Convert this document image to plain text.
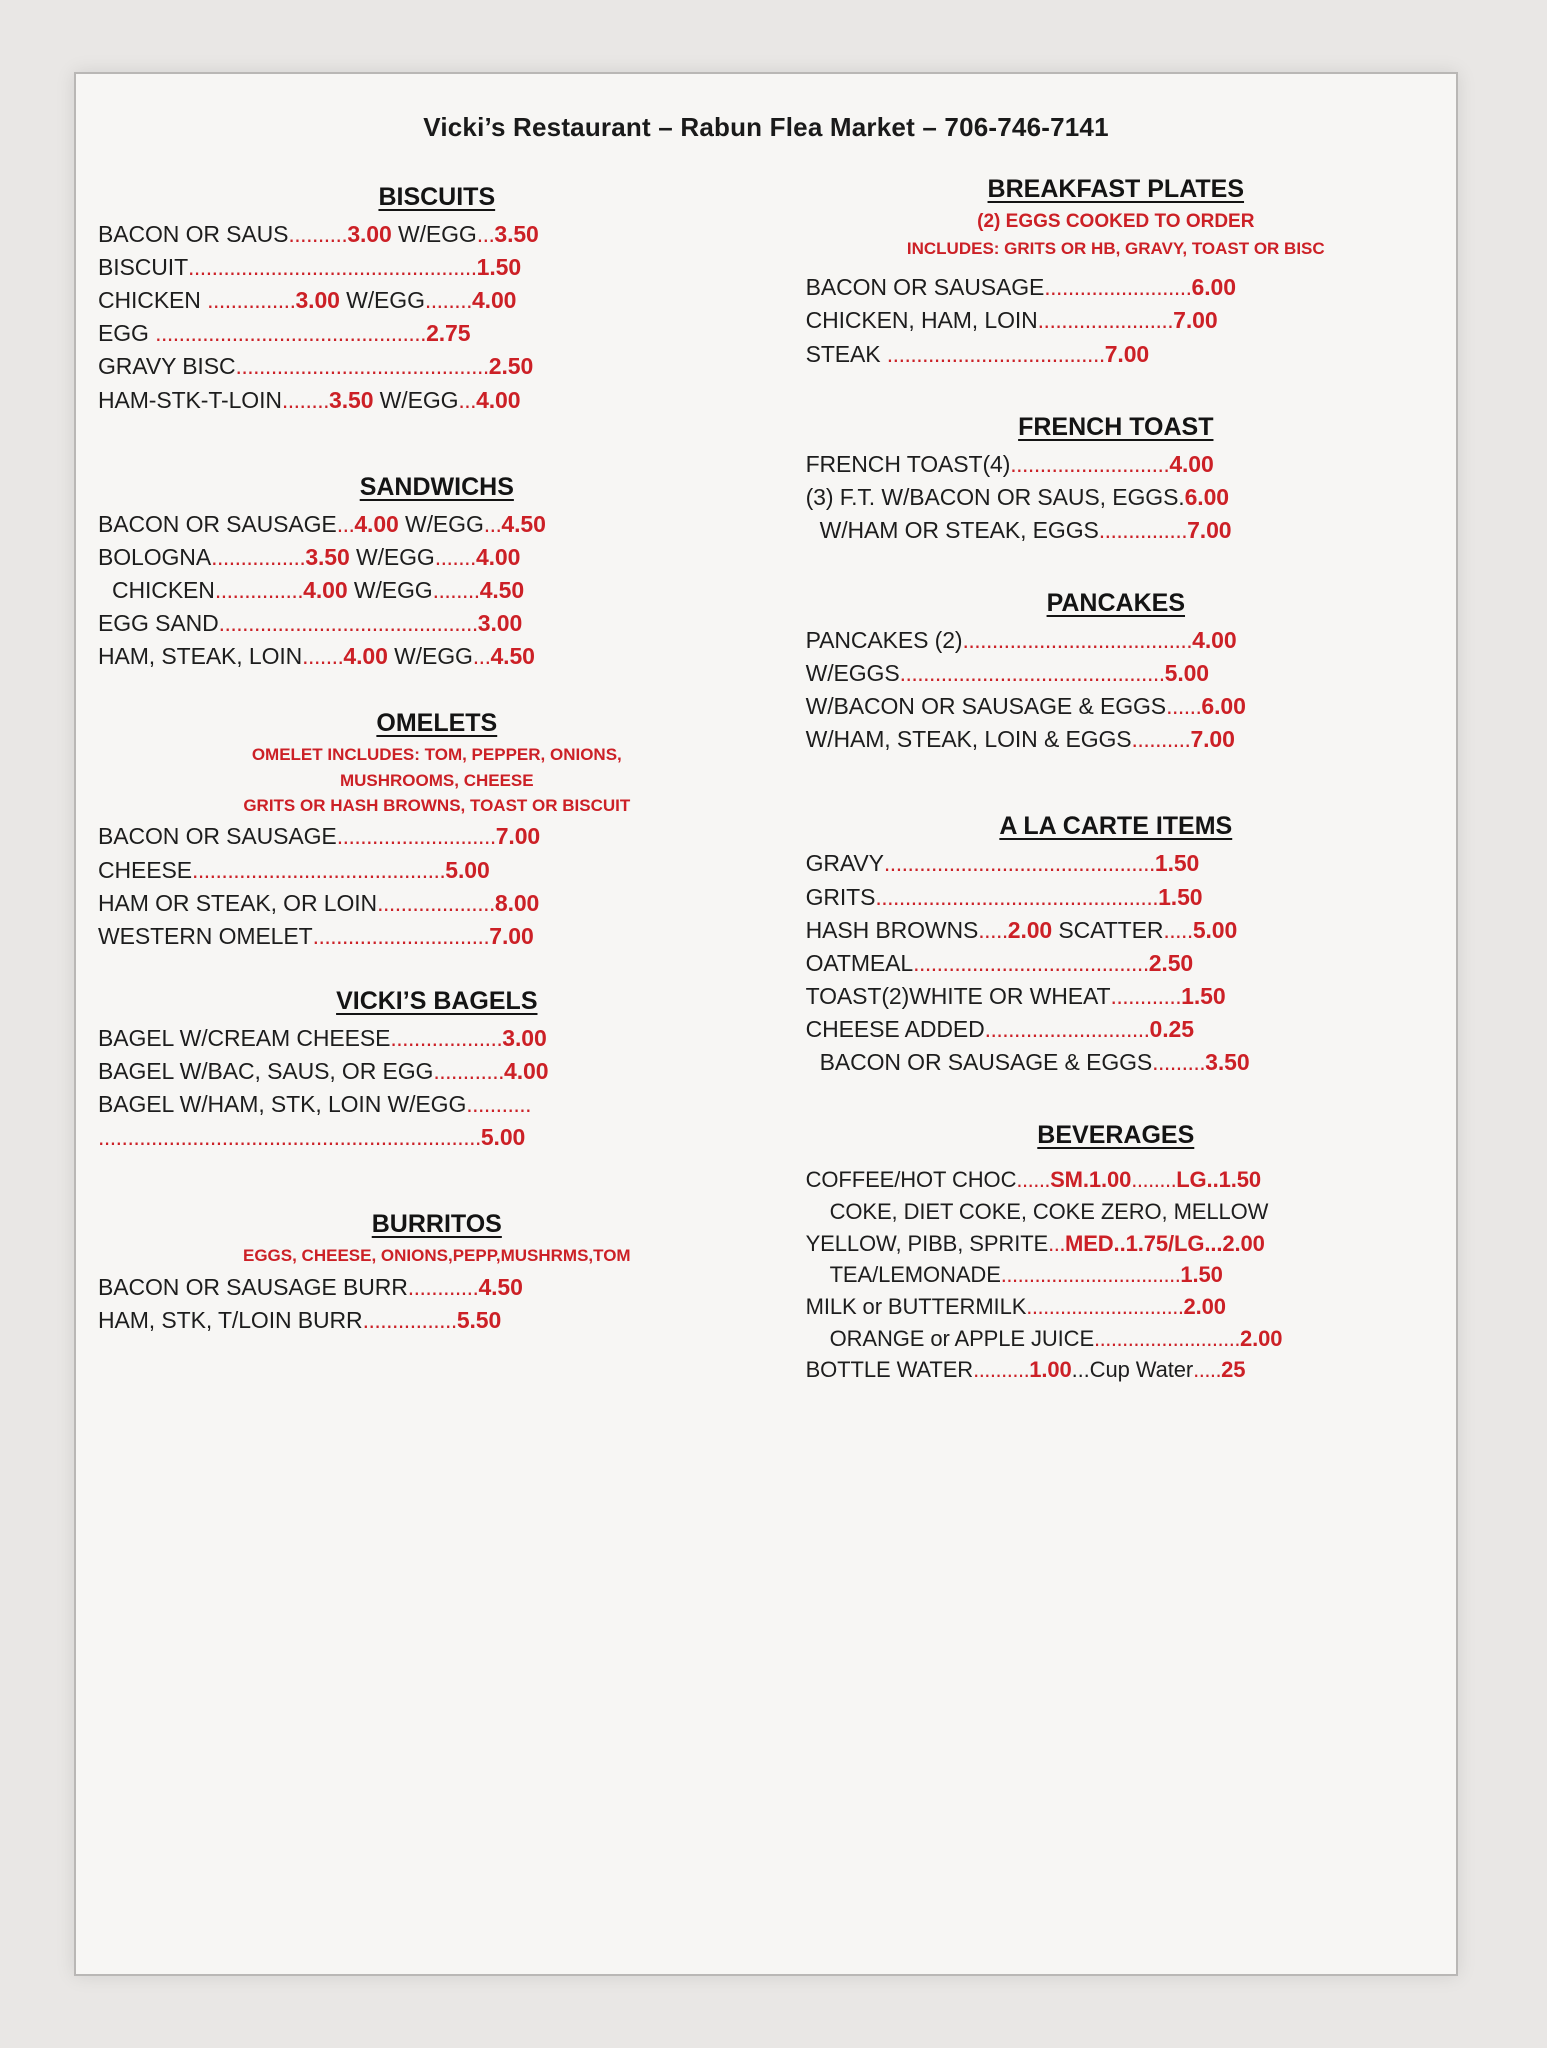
Vicki’s Restaurant – Rabun Flea Market – 706-746-7141
BISCUITS
BACON OR SAUS..........3.00 W/EGG...3.50
BISCUIT.................................................1.50
CHICKEN ...............3.00 W/EGG........4.00
EGG ..............................................2.75
GRAVY BISC...........................................2.50
HAM-STK-T-LOIN........3.50 W/EGG...4.00
SANDWICHS
BACON OR SAUSAGE...4.00 W/EGG...4.50
BOLOGNA................3.50 W/EGG.......4.00
CHICKEN...............4.00 W/EGG........4.50
EGG SAND............................................3.00
HAM, STEAK, LOIN.......4.00 W/EGG...4.50
OMELETS
OMELET INCLUDES: TOM, PEPPER, ONIONS,
MUSHROOMS, CHEESE
GRITS OR HASH BROWNS, TOAST OR BISCUIT
BACON OR SAUSAGE...........................7.00
CHEESE...........................................5.00
HAM OR STEAK, OR LOIN....................8.00
WESTERN OMELET..............................7.00
VICKI’S BAGELS
BAGEL W/CREAM CHEESE...................3.00
BAGEL W/BAC, SAUS, OR EGG............4.00
BAGEL W/HAM, STK, LOIN W/EGG...........
.................................................................5.00
BURRITOS
EGGS, CHEESE, ONIONS,PEPP,MUSHRMS,TOM
BACON OR SAUSAGE BURR............4.50
HAM, STK, T/LOIN BURR................5.50
BREAKFAST PLATES
(2) EGGS COOKED TO ORDER
INCLUDES: GRITS OR HB, GRAVY, TOAST OR BISC
BACON OR SAUSAGE.........................6.00
CHICKEN, HAM, LOIN.......................7.00
STEAK .....................................7.00
FRENCH TOAST
FRENCH TOAST(4)...........................4.00
(3) F.T. W/BACON OR SAUS, EGGS.6.00
W/HAM OR STEAK, EGGS...............7.00
PANCAKES
PANCAKES (2).......................................4.00
W/EGGS.............................................5.00
W/BACON OR SAUSAGE & EGGS......6.00
W/HAM, STEAK, LOIN & EGGS..........7.00
A LA CARTE ITEMS
GRAVY..............................................1.50
GRITS................................................1.50
HASH BROWNS.....2.00 SCATTER.....5.00
OATMEAL........................................2.50
TOAST(2)WHITE OR WHEAT............1.50
CHEESE ADDED............................0.25
BACON OR SAUSAGE & EGGS.........3.50
BEVERAGES
COFFEE/HOT CHOC......SM.1.00........LG..1.50
COKE, DIET COKE, COKE ZERO, MELLOW
YELLOW, PIBB, SPRITE...MED..1.75/LG...2.00
TEA/LEMONADE................................1.50
MILK or BUTTERMILK............................2.00
ORANGE or APPLE JUICE..........................2.00
BOTTLE WATER..........1.00...Cup Water.....25
